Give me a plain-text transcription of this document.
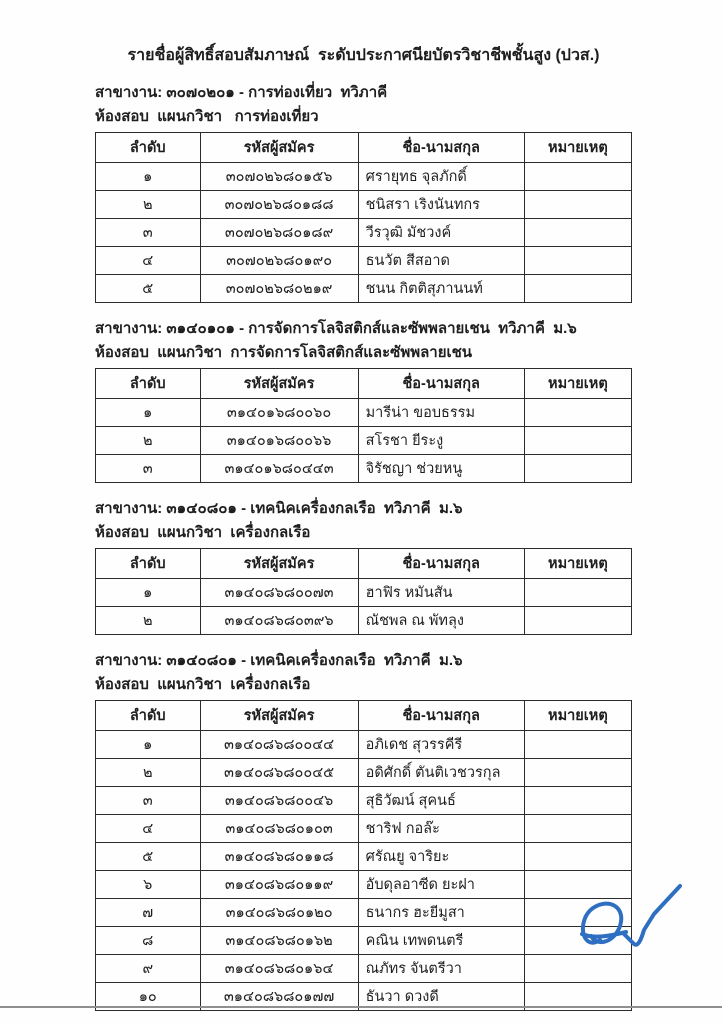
รายชื่อผู้สิทธิ์สอบสัมภาษณ์  ระดับประกาศนียบัตรวิชาชีพชั้นสูง (ปวส.)
สาขางาน: ๓๐๗๐๒๐๑ - การท่องเที่ยว  ทวิภาคี
ห้องสอบ  แผนกวิชา   การท่องเที่ยว
ลำดับ	รหัสผู้สมัคร	ชื่อ-นามสกุล	หมายเหตุ
๑	๓๐๗๐๒๖๘๐๑๕๖	ศรายุทธ จุลภักดิ์	
๒	๓๐๗๐๒๖๘๐๑๘๘	ชนิสรา เริงนันทกร	
๓	๓๐๗๐๒๖๘๐๑๘๙	วีรวุฒิ มัชวงค์	
๔	๓๐๗๐๒๖๘๐๑๙๐	ธนวัต สีสอาด	
๕	๓๐๗๐๒๖๘๐๒๑๙	ชนน กิตติสุภานนท์	
สาขางาน: ๓๑๔๐๑๐๑ - การจัดการโลจิสติกส์และซัพพลายเชน  ทวิภาคี  ม.๖
ห้องสอบ  แผนกวิชา  การจัดการโลจิสติกส์และซัพพลายเชน
ลำดับ	รหัสผู้สมัคร	ชื่อ-นามสกุล	หมายเหตุ
๑	๓๑๔๐๑๖๘๐๐๖๐	มารีน่า ขอบธรรม	
๒	๓๑๔๐๑๖๘๐๐๖๖	สโรชา ยีระงู	
๓	๓๑๔๐๑๖๘๐๔๔๓	จิรัชญา ช่วยหนู	
สาขางาน: ๓๑๔๐๘๐๑ - เทคนิคเครื่องกลเรือ  ทวิภาคี  ม.๖
ห้องสอบ  แผนกวิชา  เครื่องกลเรือ
ลำดับ	รหัสผู้สมัคร	ชื่อ-นามสกุล	หมายเหตุ
๑	๓๑๔๐๘๖๘๐๐๗๓	ฮาฟิร หมันสัน	
๒	๓๑๔๐๘๖๘๐๓๙๖	ณัชพล ณ พัทลุง	
สาขางาน: ๓๑๔๐๘๐๑ - เทคนิคเครื่องกลเรือ  ทวิภาคี  ม.๖
ห้องสอบ  แผนกวิชา  เครื่องกลเรือ
ลำดับ	รหัสผู้สมัคร	ชื่อ-นามสกุล	หมายเหตุ
๑	๓๑๔๐๘๖๘๐๐๔๔	อภิเดช สุวรรคีรี	
๒	๓๑๔๐๘๖๘๐๐๔๕	อดิศักดิ์ ตันติเวชวรกุล	
๓	๓๑๔๐๘๖๘๐๐๔๖	สุธิวัฒน์ สุคนธ์	
๔	๓๑๔๐๘๖๘๐๑๐๓	ชาริฟ กอล๊ะ	
๕	๓๑๔๐๘๖๘๐๑๑๘	ศรัณยู จาริยะ	
๖	๓๑๔๐๘๖๘๐๑๑๙	อับดุลอาซีด ยะฝา	
๗	๓๑๔๐๘๖๘๐๑๒๐	ธนากร ฮะยีมูสา	
๘	๓๑๔๐๘๖๘๐๑๖๒	คณิน เทพดนตรี	
๙	๓๑๔๐๘๖๘๐๑๖๔	ณภัทร จันตรีวา	
๑๐	๓๑๔๐๘๖๘๐๑๗๗	ธันวา ดวงดี	
